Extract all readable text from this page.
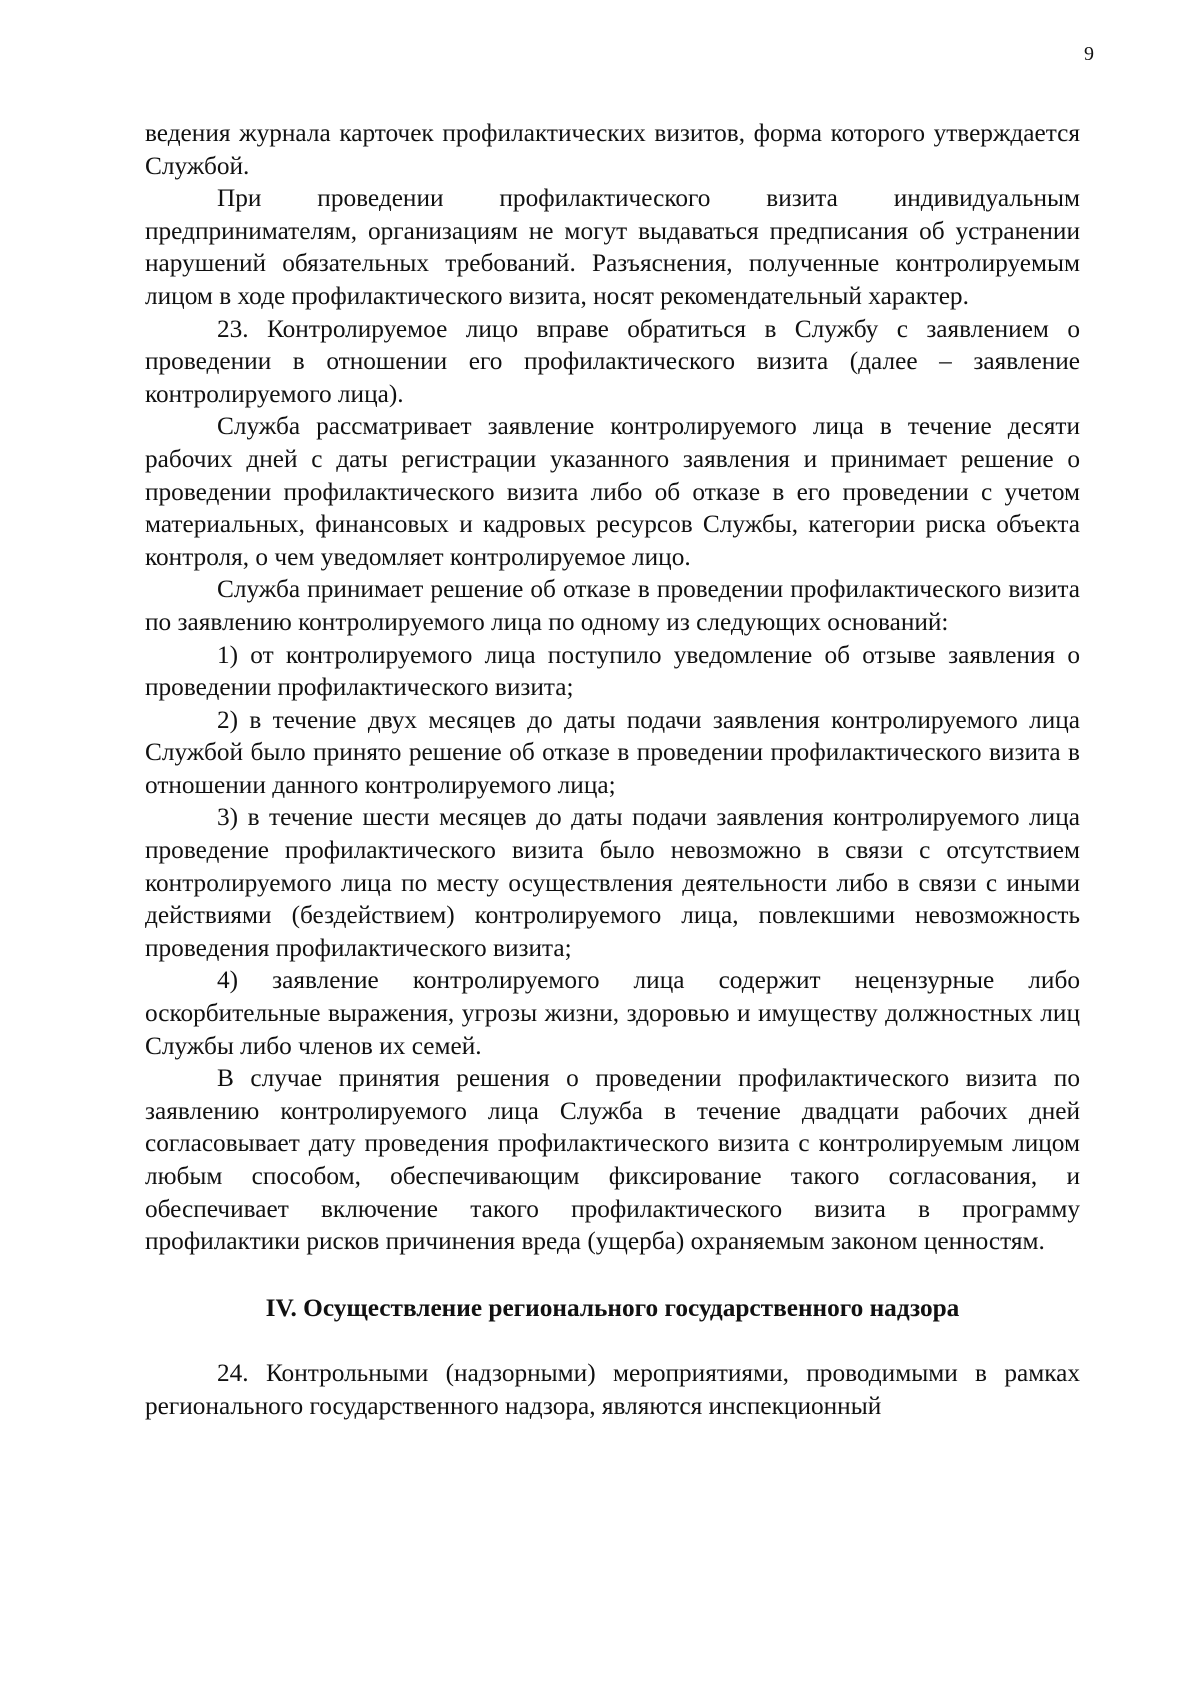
9

ведения журнала карточек профилактических визитов, форма которого утверждается Службой.

При проведении профилактического визита индивидуальным предпринимателям, организациям не могут выдаваться предписания об устранении нарушений обязательных требований. Разъяснения, полученные контролируемым лицом в ходе профилактического визита, носят рекомендательный характер.

23. Контролируемое лицо вправе обратиться в Службу с заявлением о проведении в отношении его профилактического визита (далее – заявление контролируемого лица).

Служба рассматривает заявление контролируемого лица в течение десяти рабочих дней с даты регистрации указанного заявления и принимает решение о проведении профилактического визита либо об отказе в его проведении с учетом материальных, финансовых и кадровых ресурсов Службы, категории риска объекта контроля, о чем уведомляет контролируемое лицо.

Служба принимает решение об отказе в проведении профилактического визита по заявлению контролируемого лица по одному из следующих оснований:

1) от контролируемого лица поступило уведомление об отзыве заявления о проведении профилактического визита;

2) в течение двух месяцев до даты подачи заявления контролируемого лица Службой было принято решение об отказе в проведении профилактического визита в отношении данного контролируемого лица;

3) в течение шести месяцев до даты подачи заявления контролируемого лица проведение профилактического визита было невозможно в связи с отсутствием контролируемого лица по месту осуществления деятельности либо в связи с иными действиями (бездействием) контролируемого лица, повлекшими невозможность проведения профилактического визита;

4) заявление контролируемого лица содержит нецензурные либо оскорбительные выражения, угрозы жизни, здоровью и имуществу должностных лиц Службы либо членов их семей.

В случае принятия решения о проведении профилактического визита по заявлению контролируемого лица Служба в течение двадцати рабочих дней согласовывает дату проведения профилактического визита с контролируемым лицом любым способом, обеспечивающим фиксирование такого согласования, и обеспечивает включение такого профилактического визита в программу профилактики рисков причинения вреда (ущерба) охраняемым законом ценностям.

IV. Осуществление регионального государственного надзора

24. Контрольными (надзорными) мероприятиями, проводимыми в рамках регионального государственного надзора, являются инспекционный
